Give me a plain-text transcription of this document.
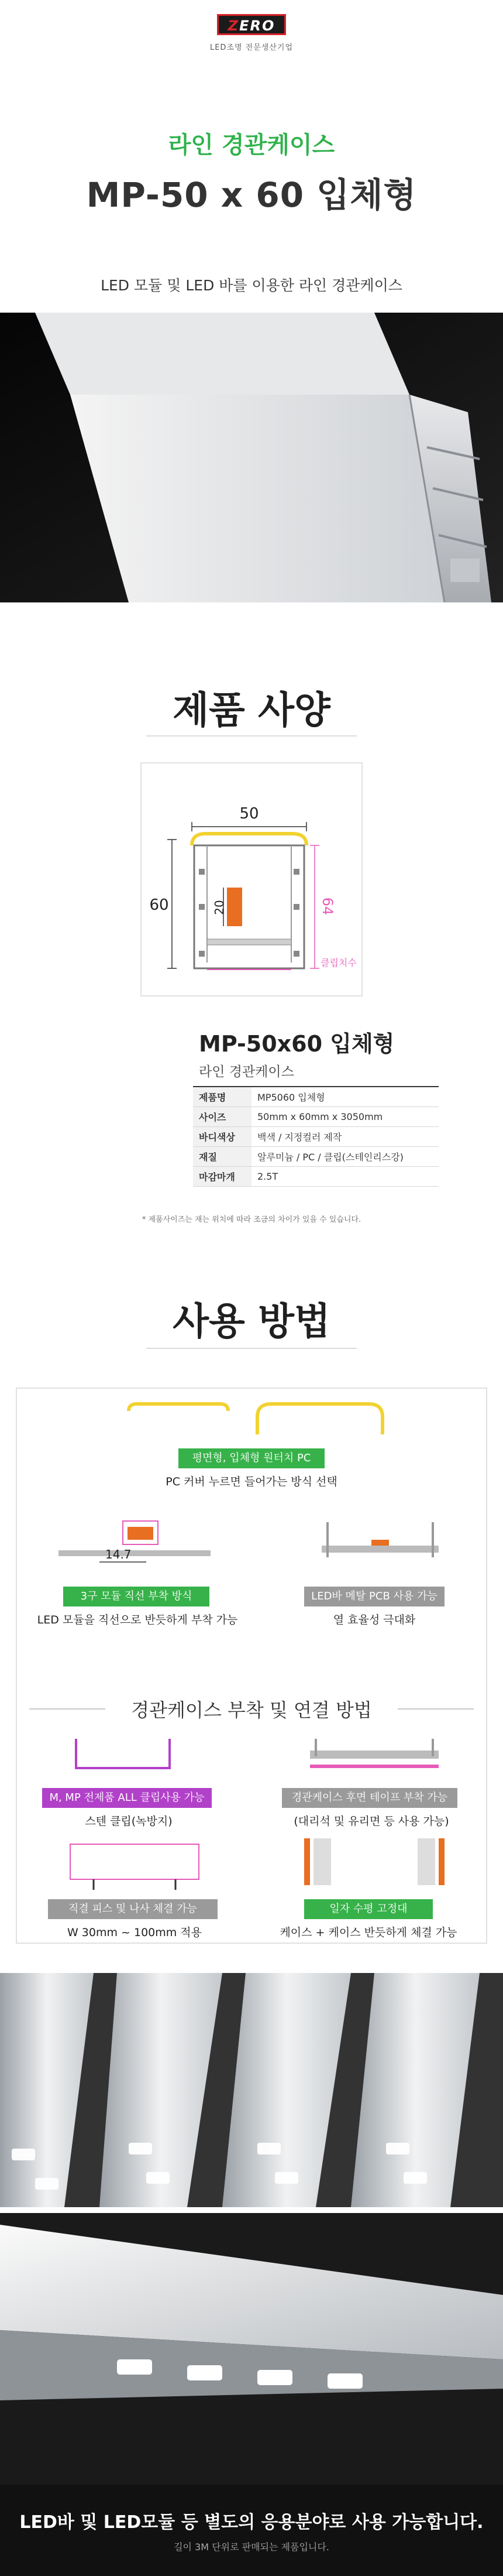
ZERO
LED조명 전문생산기업
라인 경관케이스
MP-50 x 60 입체형
LED 모듈 및 LED 바를 이용한 라인 경관케이스
제품 사양
50
20
60	64
클립치수
MP-50x60 입체형
라인 경관케이스
제품명	MP5060 입체형
사이즈	50mm x 60mm x 3050mm
바디색상	백색 / 지정컬러 제작
재질	알루미늄 / PC / 클립(스테인리스강)
마감마개	2.5T
* 제품사이즈는 재는 위치에 따라 조금의 차이가 있을 수 있습니다.
사용 방법
평면형, 입체형 원터치 PC
PC 커버 누르면 들어가는 방식 선택
14.7
3구 모듈 직선 부착 방식
LED 모듈을 직선으로 반듯하게 부착 가능
LED바 메탈 PCB 사용 가능
열 효율성 극대화
경관케이스 부착 및 연결 방법
M, MP 전제품 ALL 클립사용 가능
스텐 클립(녹방지)
경관케이스 후면 테이프 부착 가능
(대리석 및 유리면 등 사용 가능)
직결 피스 및 나사 체결 가능
W 30mm ~ 100mm 적용
일자 수평 고정대
케이스 + 케이스 반듯하게 체결 가능
LED바 및 LED모듈 등 별도의 응용분야로 사용 가능합니다.
길이 3M 단위로 판매되는 제품입니다.
